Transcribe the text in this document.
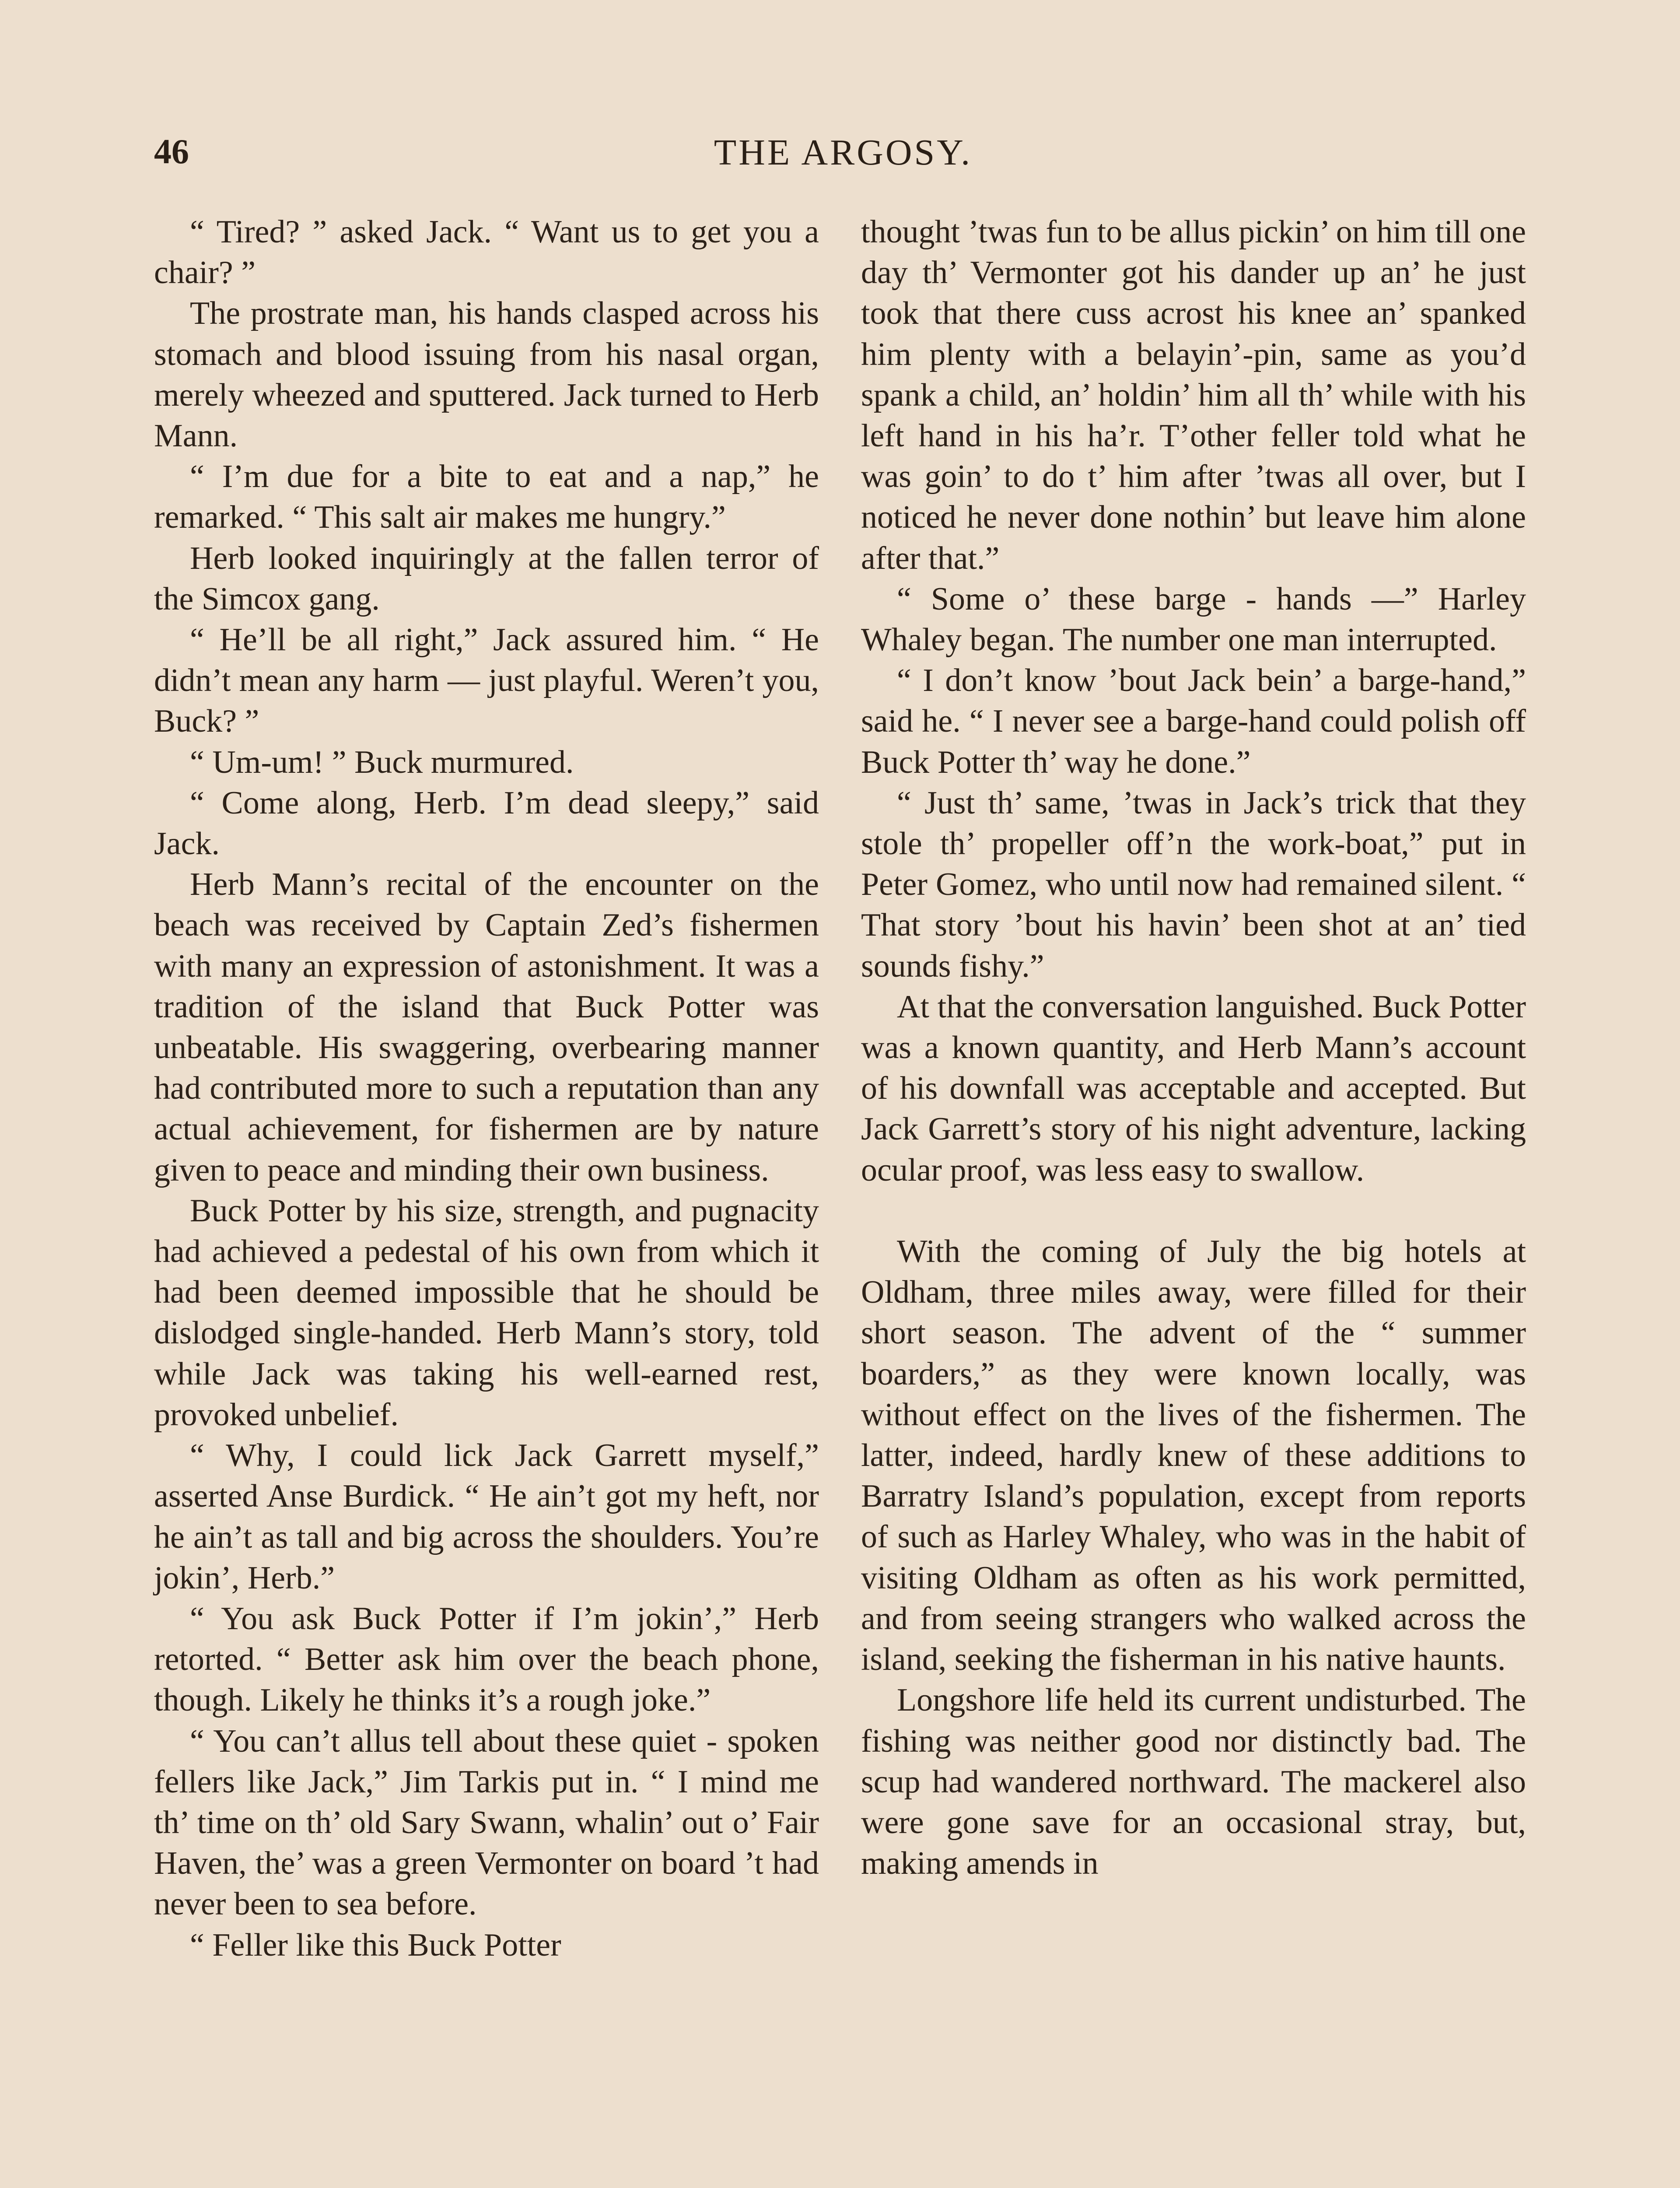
46	THE ARGOSY.

“ Tired? ” asked Jack. “ Want us to get you a chair? ”

The prostrate man, his hands clasped across his stomach and blood issuing from his nasal organ, merely wheezed and sputtered. Jack turned to Herb Mann.

“ I’m due for a bite to eat and a nap,” he remarked. “ This salt air makes me hungry.”

Herb looked inquiringly at the fallen terror of the Simcox gang.

“ He’ll be all right,” Jack assured him. “ He didn’t mean any harm — just playful. Weren’t you, Buck? ”

“ Um-um! ” Buck murmured.

“ Come along, Herb. I’m dead sleepy,” said Jack.

Herb Mann’s recital of the encounter on the beach was received by Captain Zed’s fishermen with many an expression of astonishment. It was a tradition of the island that Buck Potter was unbeatable. His swaggering, overbearing manner had contributed more to such a reputation than any actual achievement, for fishermen are by nature given to peace and minding their own business.

Buck Potter by his size, strength, and pugnacity had achieved a pedestal of his own from which it had been deemed impossible that he should be dislodged single-handed. Herb Mann’s story, told while Jack was taking his well-earned rest, provoked unbelief.

“ Why, I could lick Jack Garrett myself,” asserted Anse Burdick. “ He ain’t got my heft, nor he ain’t as tall and big across the shoulders. You’re jokin’, Herb.”

“ You ask Buck Potter if I’m jokin’,” Herb retorted. “ Better ask him over the beach phone, though. Likely he thinks it’s a rough joke.”

“ You can’t allus tell about these quiet - spoken fellers like Jack,” Jim Tarkis put in. “ I mind me th’ time on th’ old Sary Swann, whalin’ out o’ Fair Haven, the’ was a green Vermonter on board ’t had never been to sea before.

“ Feller like this Buck Potter

thought ’twas fun to be allus pickin’ on him till one day th’ Vermonter got his dander up an’ he just took that there cuss acrost his knee an’ spanked him plenty with a belayin’-pin, same as you’d spank a child, an’ holdin’ him all th’ while with his left hand in his ha’r. T’other feller told what he was goin’ to do t’ him after ’twas all over, but I noticed he never done nothin’ but leave him alone after that.”

“ Some o’ these barge - hands —” Harley Whaley began. The number one man interrupted.

“ I don’t know ’bout Jack bein’ a barge-hand,” said he. “ I never see a barge-hand could polish off Buck Potter th’ way he done.”

“ Just th’ same, ’twas in Jack’s trick that they stole th’ propeller off’n the work-boat,” put in Peter Gomez, who until now had remained silent. “ That story ’bout his havin’ been shot at an’ tied sounds fishy.”

At that the conversation languished. Buck Potter was a known quantity, and Herb Mann’s account of his downfall was acceptable and accepted. But Jack Garrett’s story of his night adventure, lacking ocular proof, was less easy to swallow.

With the coming of July the big hotels at Oldham, three miles away, were filled for their short season. The advent of the “ summer boarders,” as they were known locally, was without effect on the lives of the fishermen. The latter, indeed, hardly knew of these additions to Barratry Island’s population, except from reports of such as Harley Whaley, who was in the habit of visiting Oldham as often as his work permitted, and from seeing strangers who walked across the island, seeking the fisherman in his native haunts.

Longshore life held its current undisturbed. The fishing was neither good nor distinctly bad. The scup had wandered northward. The mackerel also were gone save for an occasional stray, but, making amends in
